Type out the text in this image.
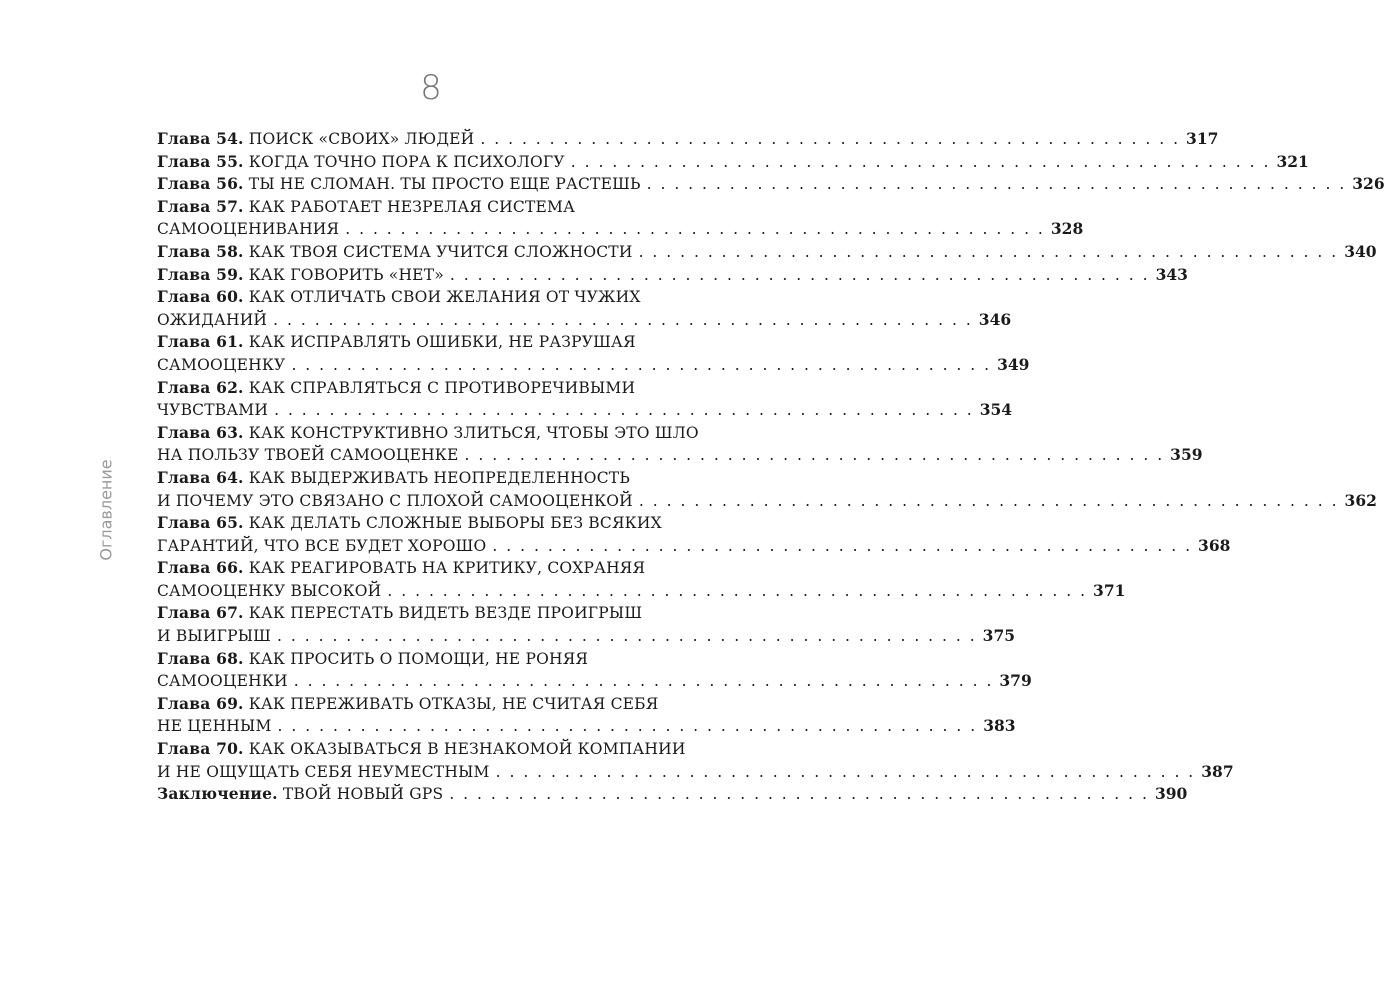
8
Оглавление
Глава 54. ПОИСК «СВОИХ» ЛЮДЕЙ . . . . . . . . . . . . . . . . . . . . . . . . . . . . . . . . . . . . . . . . . . . . . . . . . . . 317
Глава 55. КОГДА ТОЧНО ПОРА К ПСИХОЛОГУ . . . . . . . . . . . . . . . . . . . . . . . . . . . . . . . . . . . . . . . . . . . . . . . . . . . 321
Глава 56. ТЫ НЕ СЛОМАН. ТЫ ПРОСТО ЕЩЕ РАСТЕШЬ . . . . . . . . . . . . . . . . . . . . . . . . . . . . . . . . . . . . . . . . . . . . . . . . . . . 326
Глава 57. КАК РАБОТАЕТ НЕЗРЕЛАЯ СИСТЕМА
САМООЦЕНИВАНИЯ . . . . . . . . . . . . . . . . . . . . . . . . . . . . . . . . . . . . . . . . . . . . . . . . . . . 328
Глава 58. КАК ТВОЯ СИСТЕМА УЧИТСЯ СЛОЖНОСТИ . . . . . . . . . . . . . . . . . . . . . . . . . . . . . . . . . . . . . . . . . . . . . . . . . . . 340
Глава 59. КАК ГОВОРИТЬ «НЕТ» . . . . . . . . . . . . . . . . . . . . . . . . . . . . . . . . . . . . . . . . . . . . . . . . . . . 343
Глава 60. КАК ОТЛИЧАТЬ СВОИ ЖЕЛАНИЯ ОТ ЧУЖИХ
ОЖИДАНИЙ . . . . . . . . . . . . . . . . . . . . . . . . . . . . . . . . . . . . . . . . . . . . . . . . . . . 346
Глава 61. КАК ИСПРАВЛЯТЬ ОШИБКИ, НЕ РАЗРУШАЯ
САМООЦЕНКУ . . . . . . . . . . . . . . . . . . . . . . . . . . . . . . . . . . . . . . . . . . . . . . . . . . . 349
Глава 62. КАК СПРАВЛЯТЬСЯ С ПРОТИВОРЕЧИВЫМИ
ЧУВСТВАМИ . . . . . . . . . . . . . . . . . . . . . . . . . . . . . . . . . . . . . . . . . . . . . . . . . . . 354
Глава 63. КАК КОНСТРУКТИВНО ЗЛИТЬСЯ, ЧТОБЫ ЭТО ШЛО
НА ПОЛЬЗУ ТВОЕЙ САМООЦЕНКЕ . . . . . . . . . . . . . . . . . . . . . . . . . . . . . . . . . . . . . . . . . . . . . . . . . . . 359
Глава 64. КАК ВЫДЕРЖИВАТЬ НЕОПРЕДЕЛЕННОСТЬ
И ПОЧЕМУ ЭТО СВЯЗАНО С ПЛОХОЙ САМООЦЕНКОЙ . . . . . . . . . . . . . . . . . . . . . . . . . . . . . . . . . . . . . . . . . . . . . . . . . . . 362
Глава 65. КАК ДЕЛАТЬ СЛОЖНЫЕ ВЫБОРЫ БЕЗ ВСЯКИХ
ГАРАНТИЙ, ЧТО ВСЕ БУДЕТ ХОРОШО . . . . . . . . . . . . . . . . . . . . . . . . . . . . . . . . . . . . . . . . . . . . . . . . . . . 368
Глава 66. КАК РЕАГИРОВАТЬ НА КРИТИКУ, СОХРАНЯЯ
САМООЦЕНКУ ВЫСОКОЙ . . . . . . . . . . . . . . . . . . . . . . . . . . . . . . . . . . . . . . . . . . . . . . . . . . . 371
Глава 67. КАК ПЕРЕСТАТЬ ВИДЕТЬ ВЕЗДЕ ПРОИГРЫШ
И ВЫИГРЫШ . . . . . . . . . . . . . . . . . . . . . . . . . . . . . . . . . . . . . . . . . . . . . . . . . . . 375
Глава 68. КАК ПРОСИТЬ О ПОМОЩИ, НЕ РОНЯЯ
САМООЦЕНКИ . . . . . . . . . . . . . . . . . . . . . . . . . . . . . . . . . . . . . . . . . . . . . . . . . . . 379
Глава 69. КАК ПЕРЕЖИВАТЬ ОТКАЗЫ, НЕ СЧИТАЯ СЕБЯ
НЕ ЦЕННЫМ . . . . . . . . . . . . . . . . . . . . . . . . . . . . . . . . . . . . . . . . . . . . . . . . . . . 383
Глава 70. КАК ОКАЗЫВАТЬСЯ В НЕЗНАКОМОЙ КОМПАНИИ
И НЕ ОЩУЩАТЬ СЕБЯ НЕУМЕСТНЫМ . . . . . . . . . . . . . . . . . . . . . . . . . . . . . . . . . . . . . . . . . . . . . . . . . . . 387
Заключение. ТВОЙ НОВЫЙ GPS . . . . . . . . . . . . . . . . . . . . . . . . . . . . . . . . . . . . . . . . . . . . . . . . . . . 390
